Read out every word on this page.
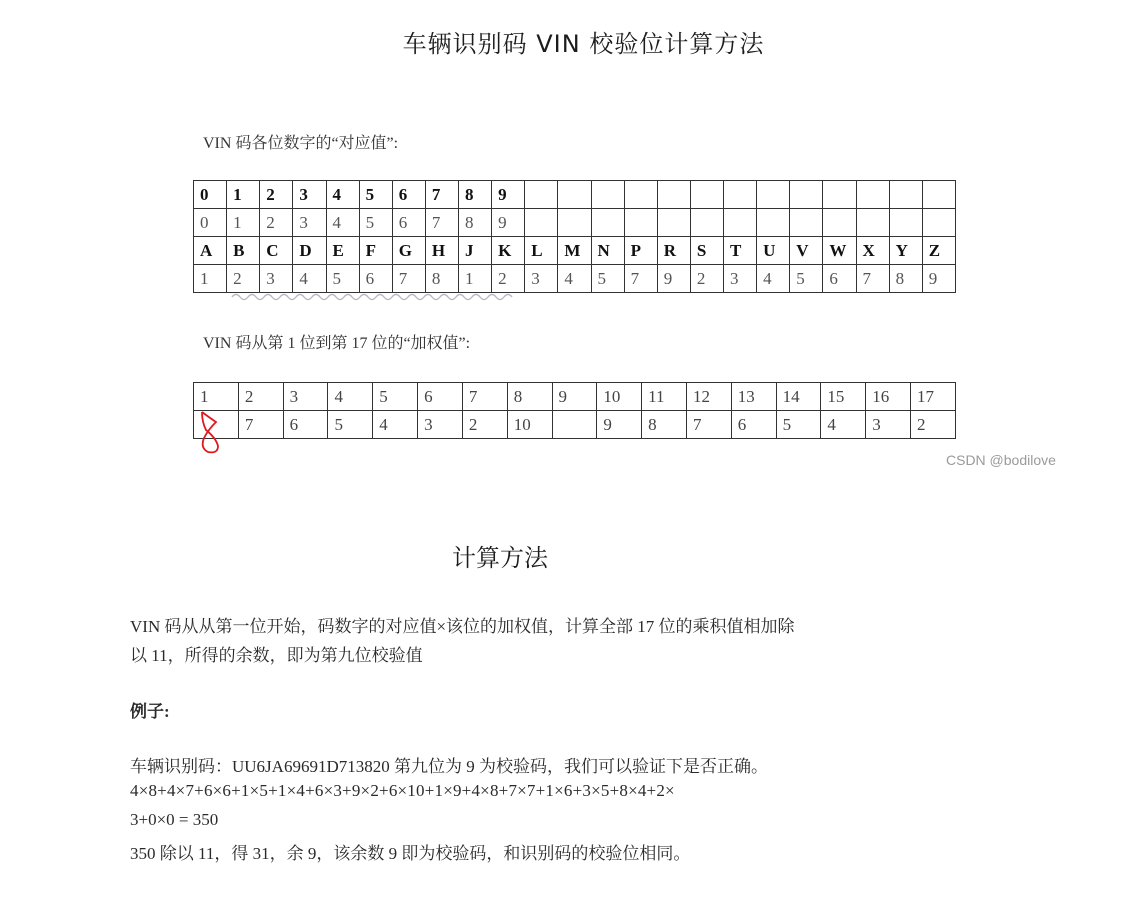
车辆识别码 VIN 校验位计算方法
VIN 码各位数字的“对应值”:
0	1	2	3	4	5	6	7	8	9													
0	1	2	3	4	5	6	7	8	9													
A	B	C	D	E	F	G	H	J	K	L	M	N	P	R	S	T	U	V	W	X	Y	Z
1	2	3	4	5	6	7	8	1	2	3	4	5	7	9	2	3	4	5	6	7	8	9
VIN 码从第 1 位到第 17 位的“加权值”:
1	2	3	4	5	6	7	8	9	10	11	12	13	14	15	16	17
	7	6	5	4	3	2	10		9	8	7	6	5	4	3	2
CSDN @bodilove
计算方法
VIN 码从从第一位开始，码数字的对应值×该位的加权值，计算全部 17 位的乘积值相加除
以 11，所得的余数，即为第九位校验值
例子:
车辆识别码：UU6JA69691D713820 第九位为 9 为校验码，我们可以验证下是否正确。
4×8+4×7+6×6+1×5+1×4+6×3+9×2+6×10+1×9+4×8+7×7+1×6+3×5+8×4+2×
3+0×0 = 350
350 除以 11，得 31，余 9，该余数 9 即为校验码，和识别码的校验位相同。
